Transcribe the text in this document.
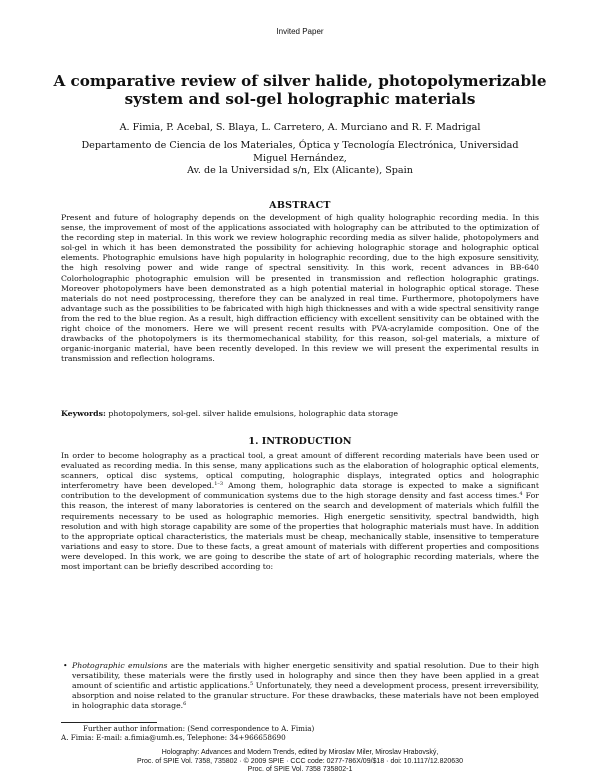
Invited Paper
A comparative review of silver halide, photopolymerizable
system and sol-gel holographic materials
A. Fimia, P. Acebal, S. Blaya, L. Carretero, A. Murciano and R. F. Madrigal
Departamento de Ciencia de los Materiales, Óptica y Tecnología Electrónica, Universidad
Miguel Hernández,
Av. de la Universidad s/n, Elx (Alicante), Spain
ABSTRACT
Present and future of holography depends on the development of high quality holographic recording media. In this sense, the improvement of most of the applications associated with holography can be attributed to the optimization of the recording step in material. In this work we review holographic recording media as silver halide, photopolymers and sol-gel in which it has been demonstrated the possibility for achieving holographic storage and holographic optical elements. Photographic emulsions have high popularity in holographic recording, due to the high exposure sensitivity, the high resolving power and wide range of spectral sensitivity. In this work, recent advances in BB-640 Colorholographic photographic emulsion will be presented in transmission and reflection holographic gratings. Moreover photopolymers have been demonstrated as a high potential material in holographic optical storage. These materials do not need postprocessing, therefore they can be analyzed in real time. Furthermore, photopolymers have advantage such as the possibilities to be fabricated with high high thicknesses and with a wide spectral sensitivity range from the red to the blue region. As a result, high diffraction efficiency with excellent sensitivity can be obtained with the right choice of the monomers. Here we will present recent results with PVA-acrylamide composition. One of the drawbacks of the photopolymers is its thermomechanical stability, for this reason, sol-gel materials, a mixture of organic-inorganic material, have been recently developed. In this review we will present the experimental results in transmission and reflection holograms.
Keywords: photopolymers, sol-gel. silver halide emulsions, holographic data storage
1. INTRODUCTION
In order to become holography as a practical tool, a great amount of different recording materials have been used or evaluated as recording media. In this sense, many applications such as the elaboration of holographic optical elements, scanners, optical disc systems, optical computing, holographic displays, integrated optics and holographic interferometry have been developed.$^{1-3}$ Among them, holographic data storage is expected to make a significant contribution to the development of communication systems due to the high storage density and fast access times.$^4$ For this reason, the interest of many laboratories is centered on the search and development of materials which fulfill the requirements necessary to be used as holographic memories. High energetic sensitivity, spectral bandwidth, high resolution and with high storage capability are some of the properties that holographic materials must have. In addition to the appropriate optical characteristics, the materials must be cheap, mechanically stable, insensitive to temperature variations and easy to store. Due to these facts, a great amount of materials with different properties and compositions were developed. In this work, we are going to describe the state of art of holographic recording materials, where the most important can be briefly described according to:
• Photographic emulsions are the materials with higher energetic sensitivity and spatial resolution. Due to their high versatibility, these materials were the firstly used in holography and since then they have been applied in a great amount of scientific and artistic applications.$^5$ Unfortunately, they need a development process, present irreversibility, absorption and noise related to the granular structure. For these drawbacks, these materials have not been employed in holographic data storage.$^6$
Further author information: (Send correspondence to A. Fimia)
A. Fimia: E-mail: a.fimia@umh.es, Telephone: 34+966658690
Holography: Advances and Modern Trends, edited by Miroslav Miler, Miroslav Hrabovský,
Proc. of SPIE Vol. 7358, 735802 · © 2009 SPIE · CCC code: 0277-786X/09/$18 · doi: 10.1117/12.820630
Proc. of SPIE Vol. 7358 735802-1
